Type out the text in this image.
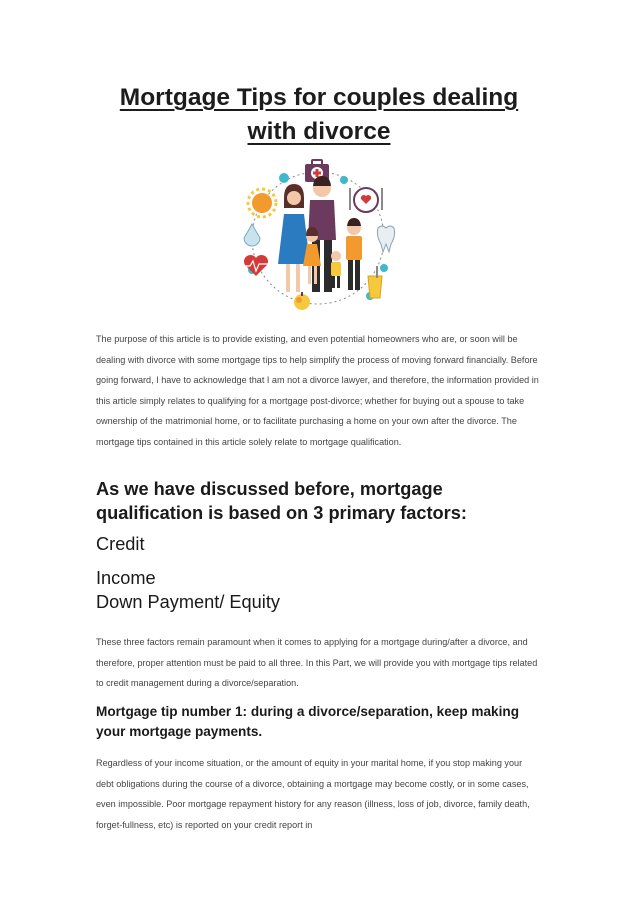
Mortgage Tips for couples dealing
with divorce

The purpose of this article is to provide existing, and even potential homeowners who are, or soon will be dealing with divorce with some mortgage tips to help simplify the process of moving forward financially. Before going forward, I have to acknowledge that I am not a divorce lawyer, and therefore, the information provided in this article simply relates to qualifying for a mortgage post-divorce; whether for buying out a spouse to take ownership of the matrimonial home, or to facilitate purchasing a home on your own after the divorce. The mortgage tips contained in this article solely relate to mortgage qualification.

As we have discussed before, mortgage qualification is based on 3 primary factors:
Credit
Income
Down Payment/ Equity

These three factors remain paramount when it comes to applying for a mortgage during/after a divorce, and therefore, proper attention must be paid to all three. In this Part, we will provide you with mortgage tips related to credit management during a divorce/separation.

Mortgage tip number 1: during a divorce/separation, keep making your mortgage payments.

Regardless of your income situation, or the amount of equity in your marital home, if you stop making your debt obligations during the course of a divorce, obtaining a mortgage may become costly, or in some cases, even impossible. Poor mortgage repayment history for any reason (illness, loss of job, divorce, family death, forget-fullness, etc) is reported on your credit report in
